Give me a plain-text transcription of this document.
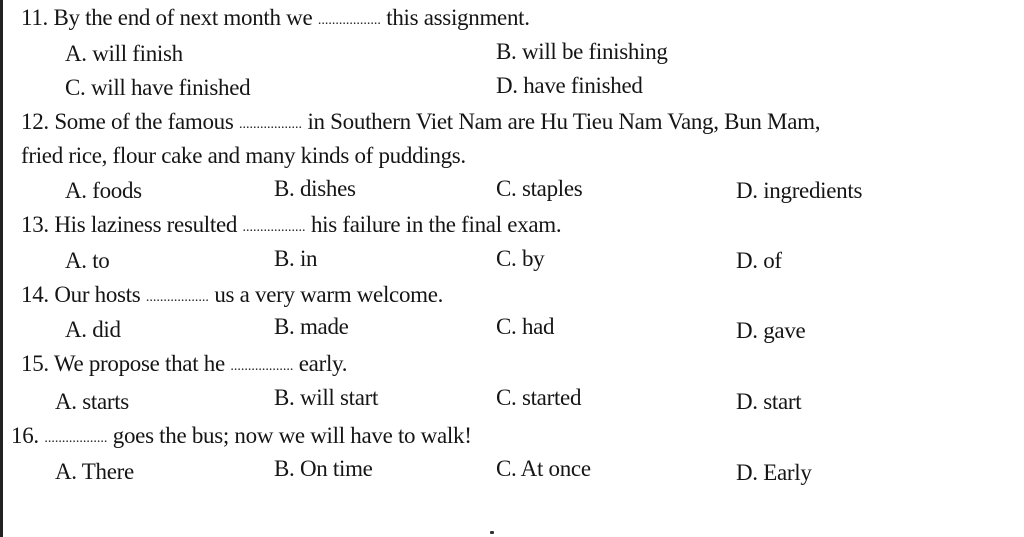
11. By the end of next month we .................. this assignment.
A. will finish	B. will be finishing
C. will have finished	D. have finished
12. Some of the famous .................. in Southern Viet Nam are Hu Tieu Nam Vang, Bun Mam,
fried rice, flour cake and many kinds of puddings.
A. foods	B. dishes	C. staples	D. ingredients
13. His laziness resulted .................. his failure in the final exam.
A. to	B. in	C. by	D. of
14. Our hosts .................. us a very warm welcome.
A. did	B. made	C. had	D. gave
15. We propose that he .................. early.
A. starts	B. will start	C. started	D. start
16. .................. goes the bus; now we will have to walk!
A. There	B. On time	C. At once	D. Early
